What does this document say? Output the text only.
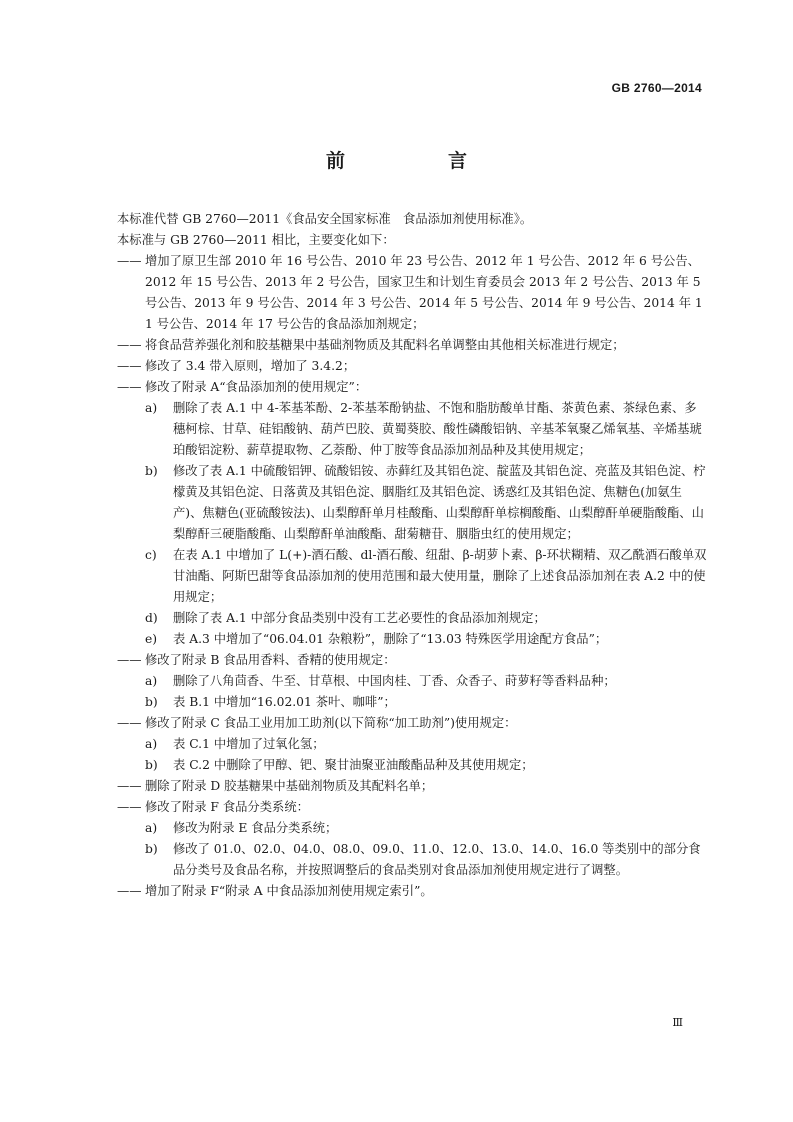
GB 2760—2014
前　言

本标准代替 GB 2760—2011《食品安全国家标准　食品添加剂使用标准》。

本标准与 GB 2760—2011 相比，主要变化如下：

—— 增加了原卫生部 2010 年 16 号公告、2010 年 23 号公告、2012 年 1 号公告、2012 年 6 号公告、2012 年 15 号公告、2013 年 2 号公告，国家卫生和计划生育委员会 2013 年 2 号公告、2013 年 5 号公告、2013 年 9 号公告、2014 年 3 号公告、2014 年 5 号公告、2014 年 9 号公告、2014 年 11 号公告、2014 年 17 号公告的食品添加剂规定；
—— 将食品营养强化剂和胶基糖果中基础剂物质及其配料名单调整由其他相关标准进行规定；
—— 修改了 3.4 带入原则，增加了 3.4.2；
—— 修改了附录 A“食品添加剂的使用规定”：
a)	删除了表 A.1 中 4-苯基苯酚、2-苯基苯酚钠盐、不饱和脂肪酸单甘酯、茶黄色素、茶绿色素、多穗柯棕、甘草、硅铝酸钠、葫芦巴胶、黄蜀葵胶、酸性磷酸铝钠、辛基苯氧聚乙烯氧基、辛烯基琥珀酸铝淀粉、薪草提取物、乙萘酚、仲丁胺等食品添加剂品种及其使用规定；
b)	修改了表 A.1 中硫酸铝钾、硫酸铝铵、赤藓红及其铝色淀、靛蓝及其铝色淀、亮蓝及其铝色淀、柠檬黄及其铝色淀、日落黄及其铝色淀、胭脂红及其铝色淀、诱惑红及其铝色淀、焦糖色(加氨生产)、焦糖色(亚硫酸铵法)、山梨醇酐单月桂酸酯、山梨醇酐单棕榈酸酯、山梨醇酐单硬脂酸酯、山梨醇酐三硬脂酸酯、山梨醇酐单油酸酯、甜菊糖苷、胭脂虫红的使用规定；
c)	在表 A.1 中增加了 L(+)-酒石酸、dl-酒石酸、纽甜、β-胡萝卜素、β-环状糊精、双乙酰酒石酸单双甘油酯、阿斯巴甜等食品添加剂的使用范围和最大使用量，删除了上述食品添加剂在表 A.2 中的使用规定；
d)	删除了表 A.1 中部分食品类别中没有工艺必要性的食品添加剂规定；
e)	表 A.3 中增加了“06.04.01 杂粮粉”，删除了“13.03 特殊医学用途配方食品”；
—— 修改了附录 B 食品用香料、香精的使用规定：
a)	删除了八角茴香、牛至、甘草根、中国肉桂、丁香、众香子、莳萝籽等香料品种；
b)	表 B.1 中增加“16.02.01 茶叶、咖啡”；
—— 修改了附录 C 食品工业用加工助剂(以下简称“加工助剂”)使用规定：
a)	表 C.1 中增加了过氧化氢；
b)	表 C.2 中删除了甲醇、钯、聚甘油聚亚油酸酯品种及其使用规定；
—— 删除了附录 D 胶基糖果中基础剂物质及其配料名单；
—— 修改了附录 F 食品分类系统：
a)	修改为附录 E 食品分类系统；
b)	修改了 01.0、02.0、04.0、08.0、09.0、11.0、12.0、13.0、14.0、16.0 等类别中的部分食品分类号及食品名称，并按照调整后的食品类别对食品添加剂使用规定进行了调整。
—— 增加了附录 F“附录 A 中食品添加剂使用规定索引”。
Ⅲ
